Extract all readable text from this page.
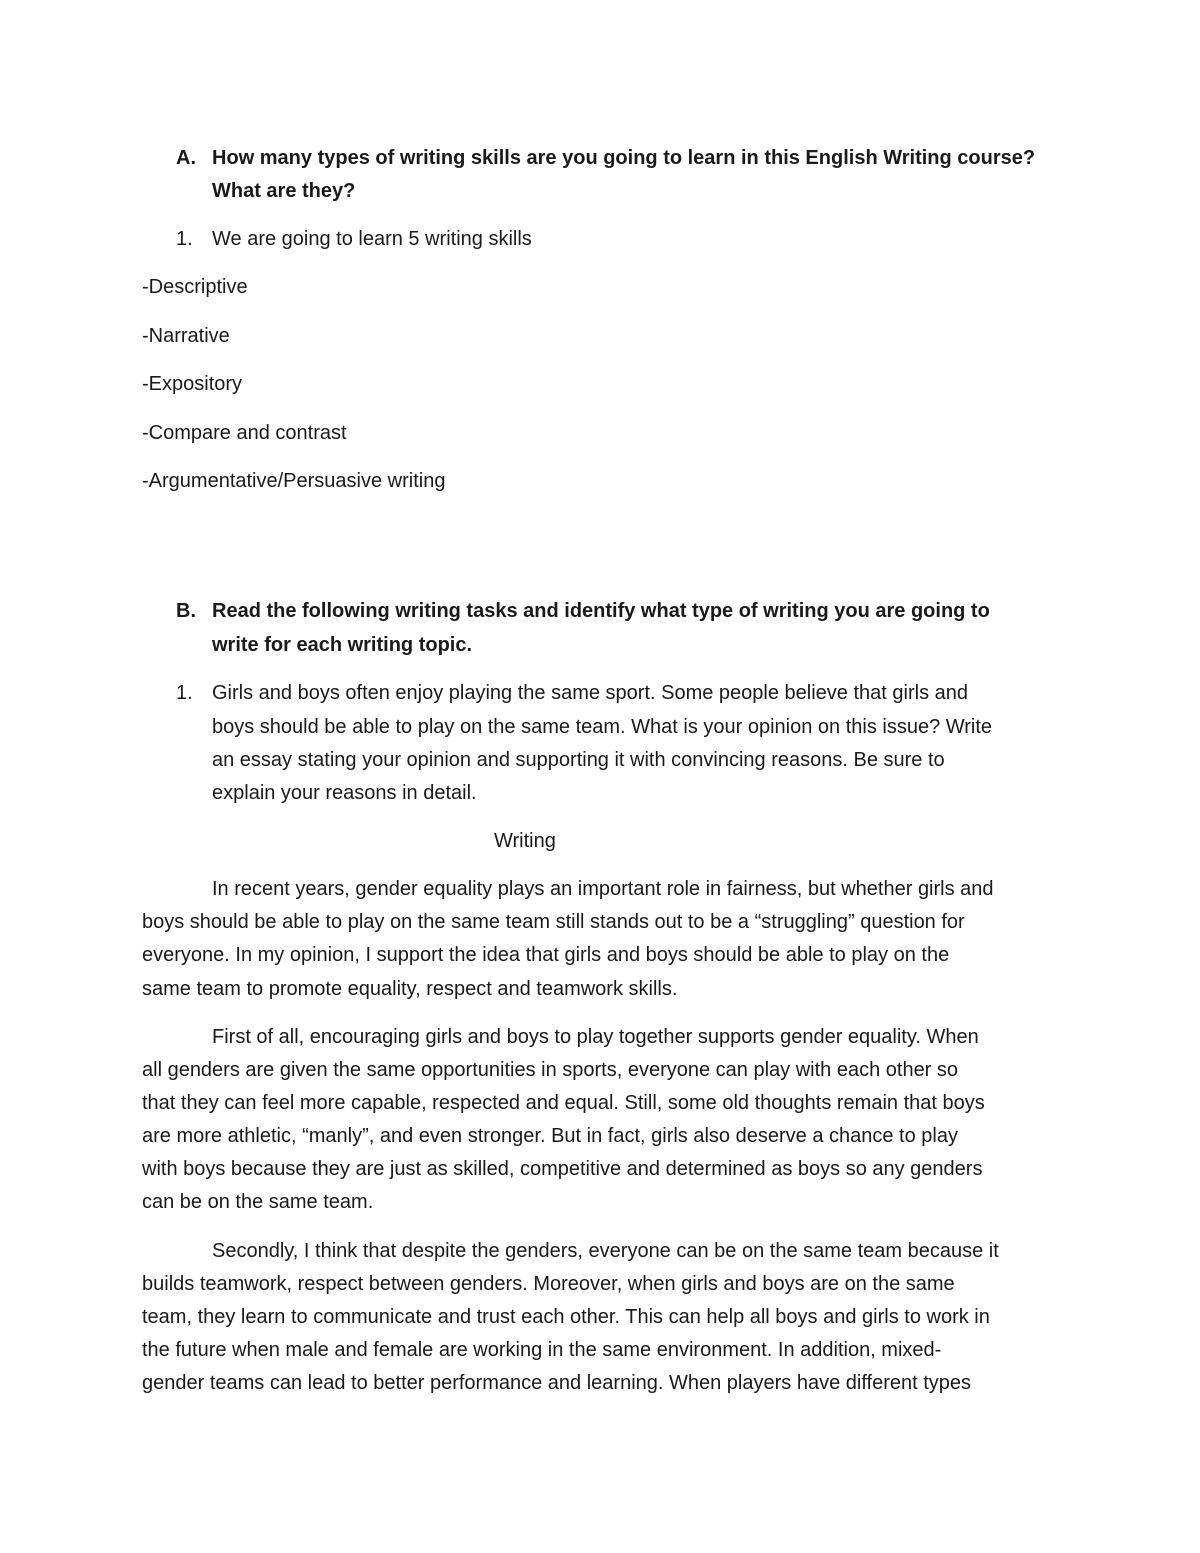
A. How many types of writing skills are you going to learn in this English Writing course?
What are they?
1. We are going to learn 5 writing skills
-Descriptive
-Narrative
-Expository
-Compare and contrast
-Argumentative/Persuasive writing
B. Read the following writing tasks and identify what type of writing you are going to
write for each writing topic.
1. Girls and boys often enjoy playing the same sport. Some people believe that girls and
boys should be able to play on the same team. What is your opinion on this issue? Write
an essay stating your opinion and supporting it with convincing reasons. Be sure to
explain your reasons in detail.
Writing
In recent years, gender equality plays an important role in fairness, but whether girls and
boys should be able to play on the same team still stands out to be a “struggling” question for
everyone. In my opinion, I support the idea that girls and boys should be able to play on the
same team to promote equality, respect and teamwork skills.
First of all, encouraging girls and boys to play together supports gender equality. When
all genders are given the same opportunities in sports, everyone can play with each other so
that they can feel more capable, respected and equal. Still, some old thoughts remain that boys
are more athletic, “manly”, and even stronger. But in fact, girls also deserve a chance to play
with boys because they are just as skilled, competitive and determined as boys so any genders
can be on the same team.
Secondly, I think that despite the genders, everyone can be on the same team because it
builds teamwork, respect between genders. Moreover, when girls and boys are on the same
team, they learn to communicate and trust each other. This can help all boys and girls to work in
the future when male and female are working in the same environment. In addition, mixed-
gender teams can lead to better performance and learning. When players have different types
